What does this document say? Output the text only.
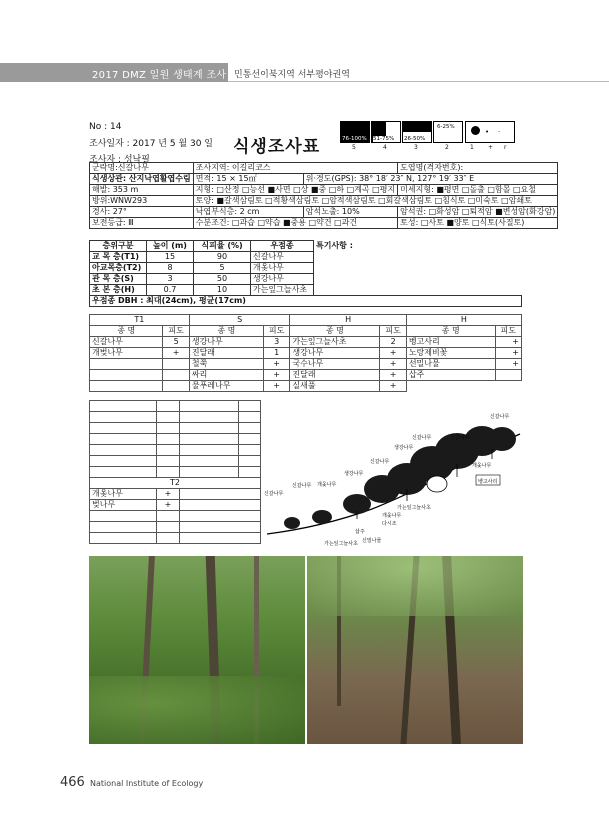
2017 DMZ 일원 생태계 조사 민통선이북지역 서부평야권역
No : 14
조사일자 : 2017 년 5 월 30 일
조사자 : 성낙필
식생조사표	76-100% 51-75% 26-50%
6-25%
• ·
5	4	3	2	1 + r
군락명:신갈나무	조사지역: 이길리코스		도엽명(격자번호):
식생상관: 산지낙엽활엽수림	면적: 15 × 15㎡	위·경도(GPS): 38° 18′ 23″ N, 127° 19′ 33″ E	
해발: 353 m	지형: □산정 □능선 ■사면 □상 ■중 □하 □계곡 □평지		미세지형: ■평면 □돌출 □함몰 □요철
방위:WNW293	토양: ■갈색삼림토 □적황색삼림토 □암적색삼림토 □회갈색삼림토 □침식토 □미숙토 □암쇄토		
경사: 27°	낙엽부식층: 2 cm	암석노출: 10%	암석권: □화성암 □퇴적암 ■변성암(화강암)
보전등급: Ⅲ	수분조건: □과습 □약습 ■중용 □약건 □과건		토성: □사토 ■양토 □식토(사질토)
층위구분	높이 (m)	식피율 (%)	우점종	특기사항 :
교 목 층(T1)	15	90	신갈나무	
아교목층(T2)	8	5	개옻나무	
관 목 층(S)	3	50	생강나무	
초 본 층(H)	0.7	10	가는잎그늘사초	
우점종 DBH : 최대(24cm), 평균(17cm)				
T1		S		H		H	
종 명	피도	종 명	피도	종 명	피도	종 명	피도
신갈나무	5	생강나무	3	가는잎그늘사초	2	벵고사리	+
개벚나무	+	진달래	1	생강나무	+	노랑제비꽃	+
		철쭉	+	국수나무	+	선밀나물	+
		싸리	+	진달래	+	삽주	
		물푸레나무	+	실새풀	+		

T2			
개옻나무	+		
벚나무	+		

신갈나무
신갈나무
생강나무
신갈나무
생강나무
개옻나무
신갈나무
신갈나무
개옻나무
신갈나무
벵고사리
가는잎그늘사초
개옻나무
다시조
가는잎그늘사초
삽주
신밀나물
466 National Institute of Ecology
